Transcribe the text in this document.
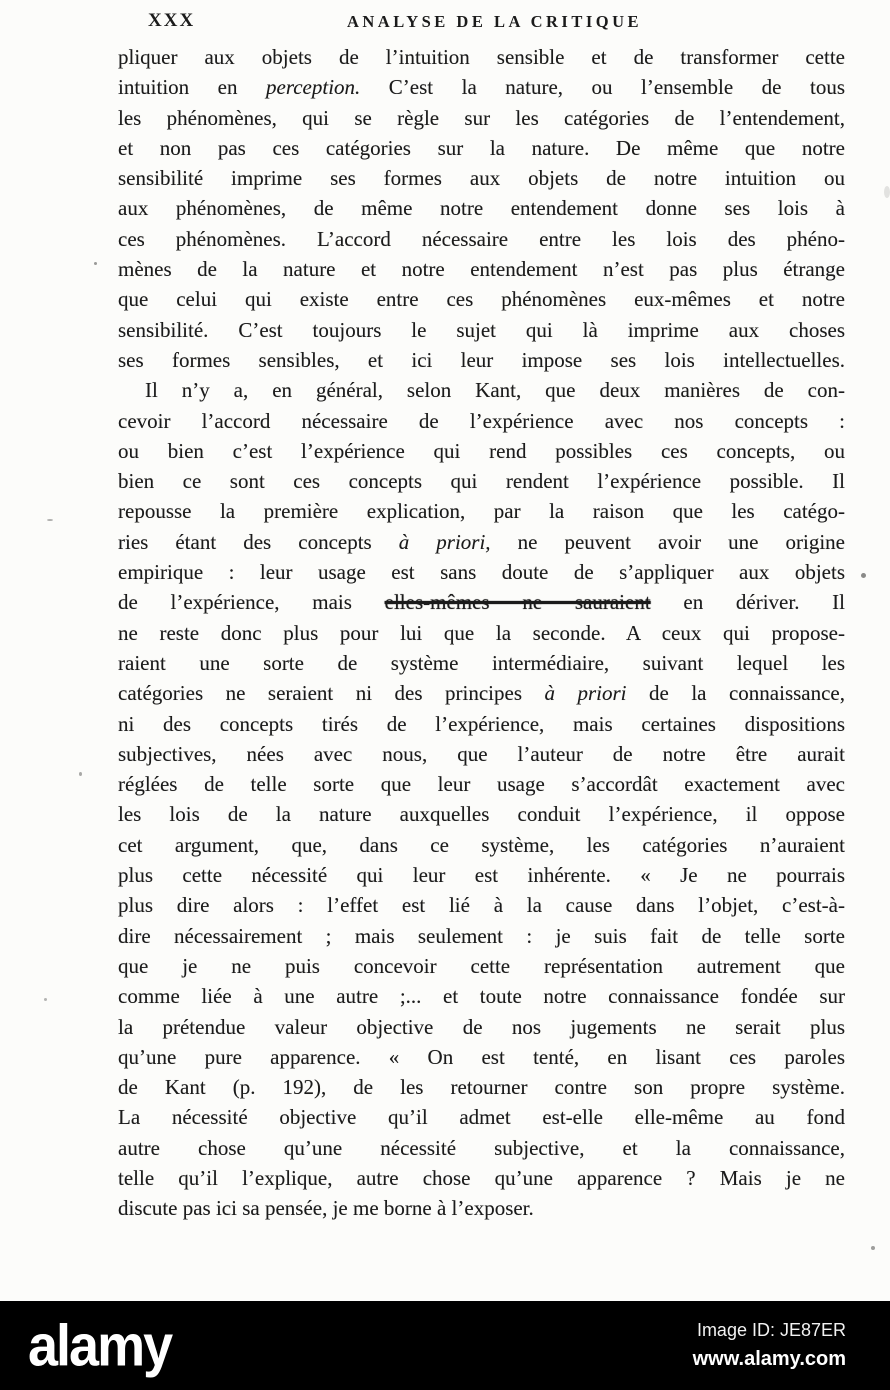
XXX	ANALYSE DE LA CRITIQUE
pliquer aux objets de l’intuition sensible et de transformer cette
intuition en perception. C’est la nature, ou l’ensemble de tous
les phénomènes, qui se règle sur les catégories de l’entendement,
et non pas ces catégories sur la nature. De même que notre
sensibilité imprime ses formes aux objets de notre intuition ou
aux phénomènes, de même notre entendement donne ses lois à
ces phénomènes. L’accord nécessaire entre les lois des phéno-
mènes de la nature et notre entendement n’est pas plus étrange
que celui qui existe entre ces phénomènes eux-mêmes et notre
sensibilité. C’est toujours le sujet qui là imprime aux choses
ses formes sensibles, et ici leur impose ses lois intellectuelles.
Il n’y a, en général, selon Kant, que deux manières de con-
cevoir l’accord nécessaire de l’expérience avec nos concepts :
ou bien c’est l’expérience qui rend possibles ces concepts, ou
bien ce sont ces concepts qui rendent l’expérience possible. Il
repousse la première explication, par la raison que les catégo-
ries étant des concepts à priori, ne peuvent avoir une origine
empirique : leur usage est sans doute de s’appliquer aux objets
de l’expérience, mais elles-mêmes ne sauraient en dériver. Il
ne reste donc plus pour lui que la seconde. A ceux qui propose-
raient une sorte de système intermédiaire, suivant lequel les
catégories ne seraient ni des principes à priori de la connaissance,
ni des concepts tirés de l’expérience, mais certaines dispositions
subjectives, nées avec nous, que l’auteur de notre être aurait
réglées de telle sorte que leur usage s’accordât exactement avec
les lois de la nature auxquelles conduit l’expérience, il oppose
cet argument, que, dans ce système, les catégories n’auraient
plus cette nécessité qui leur est inhérente. « Je ne pourrais
plus dire alors : l’effet est lié à la cause dans l’objet, c’est-à-
dire nécessairement ; mais seulement : je suis fait de telle sorte
que je ne puis concevoir cette représentation autrement que
comme liée à une autre ;... et toute notre connaissance fondée sur
la prétendue valeur objective de nos jugements ne serait plus
qu’une pure apparence. « On est tenté, en lisant ces paroles
de Kant (p. 192), de les retourner contre son propre système.
La nécessité objective qu’il admet est-elle elle-même au fond
autre chose qu’une nécessité subjective, et la connaissance,
telle qu’il l’explique, autre chose qu’une apparence ? Mais je ne
discute pas ici sa pensée, je me borne à l’exposer.
alamy	Image ID: JE87ER
www.alamy.com
